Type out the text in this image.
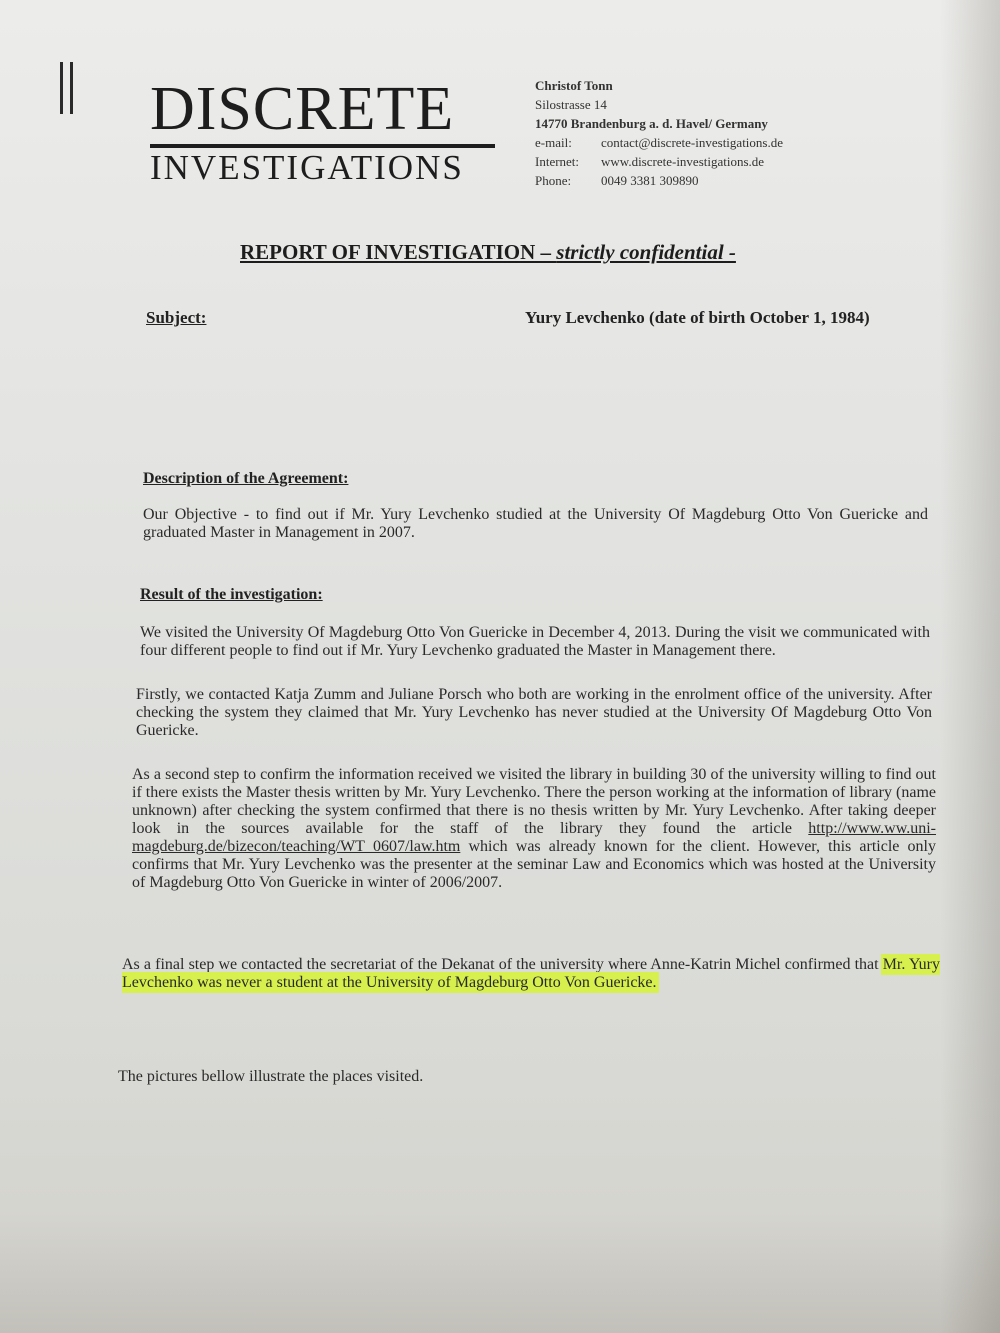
DISCRETE
INVESTIGATIONS
Christof Tonn
Silostrasse 14
14770 Brandenburg a. d. Havel/ Germany
e-mail:	contact@discrete-investigations.de
Internet:	www.discrete-investigations.de
Phone:	0049 3381 309890
REPORT OF INVESTIGATION – strictly confidential -
Subject:	Yury Levchenko (date of birth October 1, 1984)
Description of the Agreement:
Our Objective - to find out if Mr. Yury Levchenko studied at the University Of Magdeburg Otto Von Guericke and graduated Master in Management in 2007.
Result of the investigation:
We visited the University Of Magdeburg Otto Von Guericke in December 4, 2013. During the visit we communicated with four different people to find out if Mr. Yury Levchenko graduated the Master in Management there.
Firstly, we contacted Katja Zumm and Juliane Porsch who both are working in the enrolment office of the university. After checking the system they claimed that Mr. Yury Levchenko has never studied at the University Of Magdeburg Otto Von Guericke.
As a second step to confirm the information received we visited the library in building 30 of the university willing to find out if there exists the Master thesis written by Mr. Yury Levchenko. There the person working at the information of library (name unknown) after checking the system confirmed that there is no thesis written by Mr. Yury Levchenko. After taking deeper look in the sources available for the staff of the library they found the article http://www.ww.uni-magdeburg.de/bizecon/teaching/WT_0607/law.htm which was already known for the client. However, this article only confirms that Mr. Yury Levchenko was the presenter at the seminar Law and Economics which was hosted at the University of Magdeburg Otto Von Guericke in winter of 2006/2007.
As a final step we contacted the secretariat of the Dekanat of the university where Anne-Katrin Michel confirmed that Mr. Yury Levchenko was never a student at the University of Magdeburg Otto Von Guericke.
The pictures bellow illustrate the places visited.
